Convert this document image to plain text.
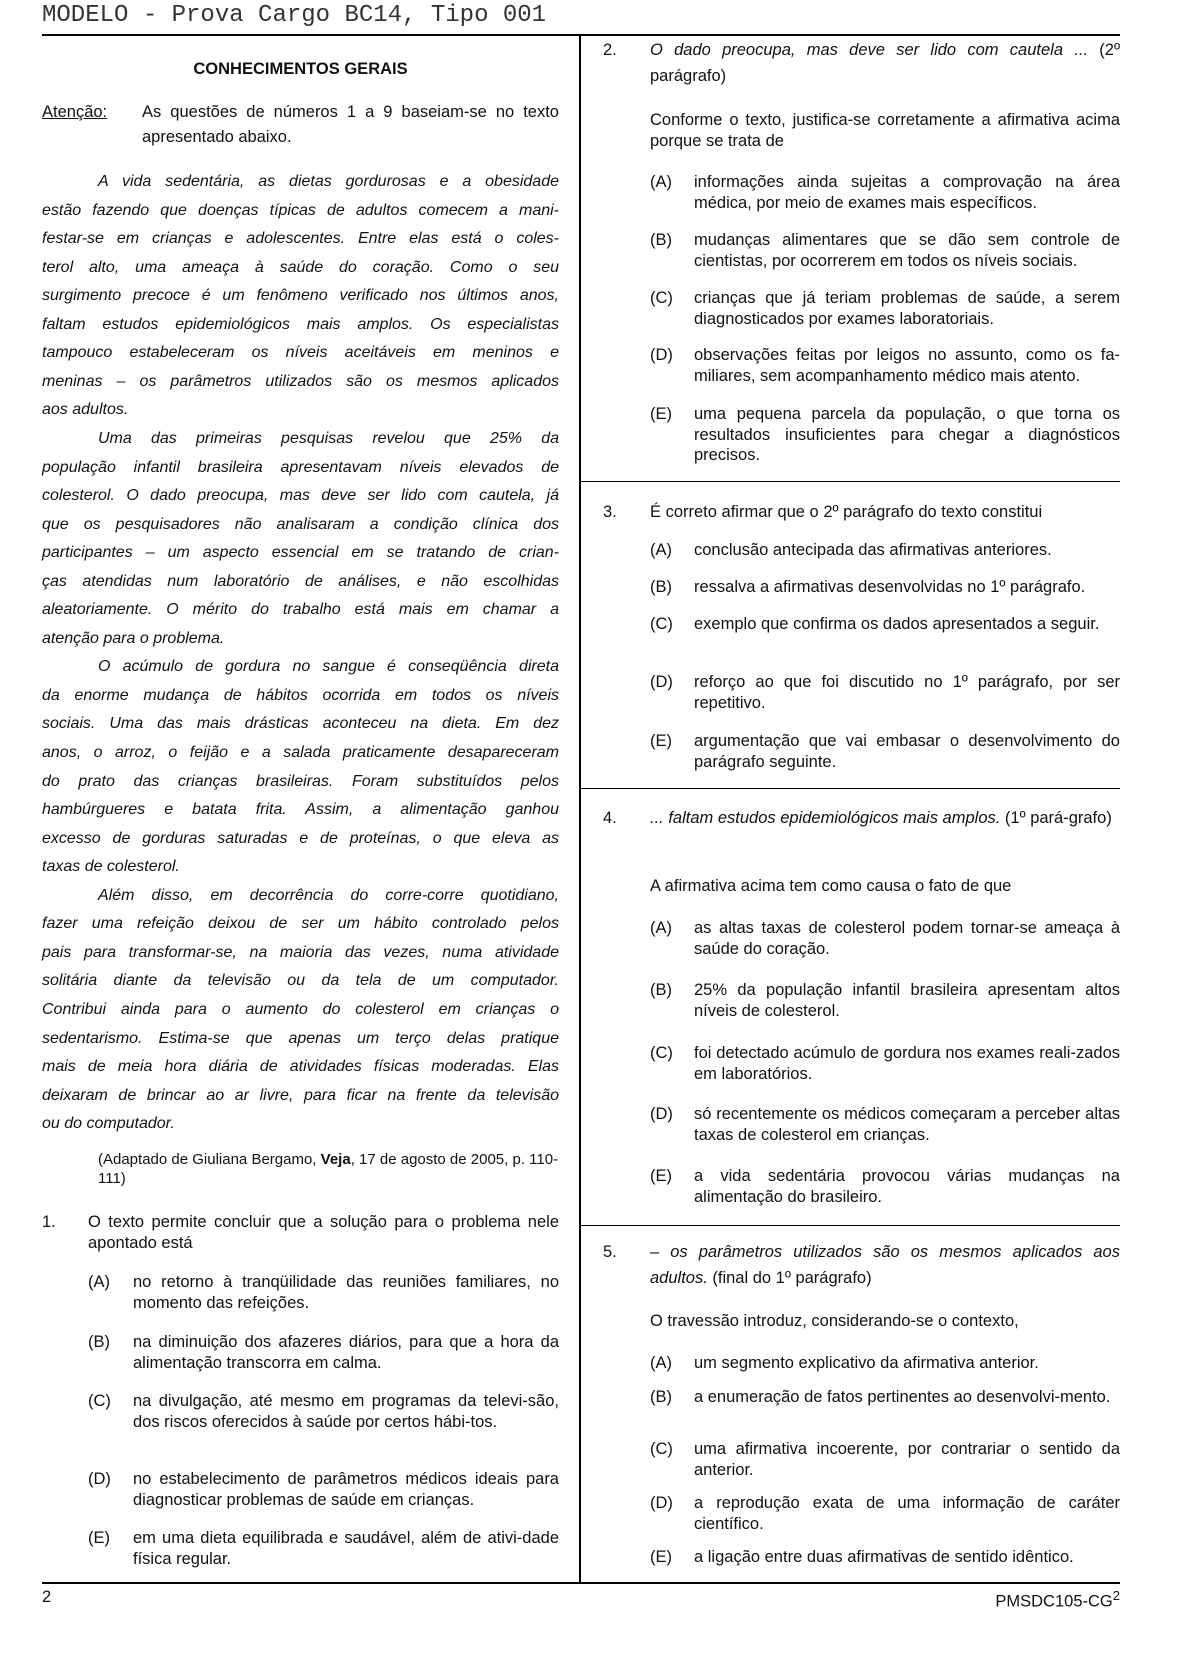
MODELO - Prova Cargo BC14, Tipo 001
CONHECIMENTOS GERAIS
Atenção: As questões de números 1 a 9 baseiam-se no texto apresentado abaixo.
A vida sedentária, as dietas gordurosas e a obesidade
estão fazendo que doenças típicas de adultos comecem a mani-
festar-se em crianças e adolescentes. Entre elas está o coles-
terol alto, uma ameaça à saúde do coração. Como o seu
surgimento precoce é um fenômeno verificado nos últimos anos,
faltam estudos epidemiológicos mais amplos. Os especialistas
tampouco estabeleceram os níveis aceitáveis em meninos e
meninas – os parâmetros utilizados são os mesmos aplicados
aos adultos.
Uma das primeiras pesquisas revelou que 25% da
população infantil brasileira apresentavam níveis elevados de
colesterol. O dado preocupa, mas deve ser lido com cautela, já
que os pesquisadores não analisaram a condição clínica dos
participantes – um aspecto essencial em se tratando de crian-
ças atendidas num laboratório de análises, e não escolhidas
aleatoriamente. O mérito do trabalho está mais em chamar a
atenção para o problema.
O acúmulo de gordura no sangue é conseqüência direta
da enorme mudança de hábitos ocorrida em todos os níveis
sociais. Uma das mais drásticas aconteceu na dieta. Em dez
anos, o arroz, o feijão e a salada praticamente desapareceram
do prato das crianças brasileiras. Foram substituídos pelos
hambúrgueres e batata frita. Assim, a alimentação ganhou
excesso de gorduras saturadas e de proteínas, o que eleva as
taxas de colesterol.
Além disso, em decorrência do corre-corre quotidiano,
fazer uma refeição deixou de ser um hábito controlado pelos
pais para transformar-se, na maioria das vezes, numa atividade
solitária diante da televisão ou da tela de um computador.
Contribui ainda para o aumento do colesterol em crianças o
sedentarismo. Estima-se que apenas um terço delas pratique
mais de meia hora diária de atividades físicas moderadas. Elas
deixaram de brincar ao ar livre, para ficar na frente da televisão
ou do computador.
(Adaptado de Giuliana Bergamo, Veja, 17 de agosto de 2005, p. 110-111)
1. O texto permite concluir que a solução para o problema nele apontado está
(A) no retorno à tranqüilidade das reuniões familiares, no momento das refeições.
(B) na diminuição dos afazeres diários, para que a hora da alimentação transcorra em calma.
(C) na divulgação, até mesmo em programas da televi-são, dos riscos oferecidos à saúde por certos hábi-tos.
(D) no estabelecimento de parâmetros médicos ideais para diagnosticar problemas de saúde em crianças.
(E) em uma dieta equilibrada e saudável, além de ativi-dade física regular.
2. O dado preocupa, mas deve ser lido com cautela ... (2º parágrafo)
Conforme o texto, justifica-se corretamente a afirmativa acima porque se trata de
(A) informações ainda sujeitas a comprovação na área médica, por meio de exames mais específicos.
(B) mudanças alimentares que se dão sem controle de cientistas, por ocorrerem em todos os níveis sociais.
(C) crianças que já teriam problemas de saúde, a serem diagnosticados por exames laboratoriais.
(D) observações feitas por leigos no assunto, como os fa-miliares, sem acompanhamento médico mais atento.
(E) uma pequena parcela da população, o que torna os resultados insuficientes para chegar a diagnósticos precisos.
3. É correto afirmar que o 2º parágrafo do texto constitui
(A) conclusão antecipada das afirmativas anteriores.
(B) ressalva a afirmativas desenvolvidas no 1º parágrafo.
(C) exemplo que confirma os dados apresentados a seguir.
(D) reforço ao que foi discutido no 1º parágrafo, por ser repetitivo.
(E) argumentação que vai embasar o desenvolvimento do parágrafo seguinte.
4. ... faltam estudos epidemiológicos mais amplos. (1º pará-grafo)
A afirmativa acima tem como causa o fato de que
(A) as altas taxas de colesterol podem tornar-se ameaça à saúde do coração.
(B) 25% da população infantil brasileira apresentam altos níveis de colesterol.
(C) foi detectado acúmulo de gordura nos exames reali-zados em laboratórios.
(D) só recentemente os médicos começaram a perceber altas taxas de colesterol em crianças.
(E) a vida sedentária provocou várias mudanças na alimentação do brasileiro.
5. – os parâmetros utilizados são os mesmos aplicados aos adultos. (final do 1º parágrafo)
O travessão introduz, considerando-se o contexto,
(A) um segmento explicativo da afirmativa anterior.
(B) a enumeração de fatos pertinentes ao desenvolvi-mento.
(C) uma afirmativa incoerente, por contrariar o sentido da anterior.
(D) a reprodução exata de uma informação de caráter científico.
(E) a ligação entre duas afirmativas de sentido idêntico.
2	$PMSDC105-CG^2$
